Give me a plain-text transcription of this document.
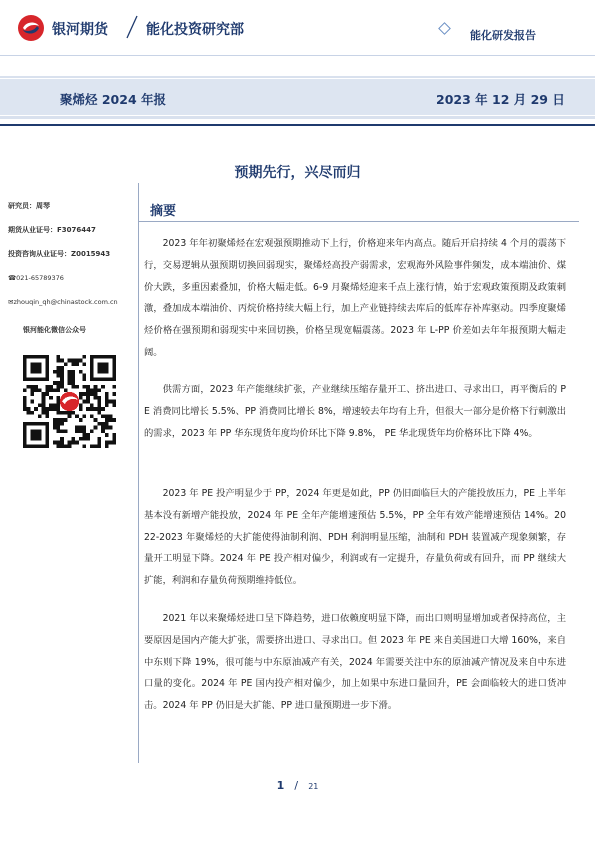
银河期货	能化投资研究部	能化研发报告
聚烯烃 2024 年报	2023 年 12 月 29 日
预期先行，兴尽而归
研究员：周琴
期货从业证号：F3076447
投资咨询从业证号：Z0015943
☎021-65789376
✉zhouqin_qh@chinastock.com.cn
银河能化微信公众号
摘要

2023 年年初聚烯烃在宏观强预期推动下上行，价格迎来年内高点。随后开启持续 4 个月的震荡下行，交易逻辑从强预期切换回弱现实，聚烯烃高投产弱需求，宏观海外风险事件频发，成本端油价、煤价大跌，多重因素叠加，价格大幅走低。6-9 月聚烯烃迎来千点上涨行情，始于宏观政策预期及政策刺激，叠加成本端油价、丙烷价格持续大幅上行，加上产业链持续去库后的低库存补库驱动。四季度聚烯烃价格在强预期和弱现实中来回切换，价格呈现宽幅震荡。2023 年 L-PP 价差如去年年报预期大幅走阔。

供需方面，2023 年产能继续扩张，产业继续压缩存量开工、挤出进口、寻求出口，再平衡后的 PE 消费同比增长 5.5%、PP 消费同比增长 8%，增速较去年均有上升，但很大一部分是价格下行刺激出的需求，2023 年 PP 华东现货年度均价环比下降 9.8%， PE 华北现货年均价格环比下降 4%。

2023 年 PE 投产明显少于 PP，2024 年更是如此，PP 仍旧面临巨大的产能投放压力，PE 上半年基本没有新增产能投放，2024 年 PE 全年产能增速预估 5.5%，PP 全年有效产能增速预估 14%。2022-2023 年聚烯烃的大扩能使得油制利润、PDH 利润明显压缩，油制和 PDH 装置减产现象频繁，存量开工明显下降。2024 年 PE 投产相对偏少，利润或有一定提升，存量负荷或有回升，而 PP 继续大扩能，利润和存量负荷预期维持低位。

2021 年以来聚烯烃进口呈下降趋势，进口依赖度明显下降，而出口则明显增加或者保持高位，主要原因是国内产能大扩张，需要挤出进口、寻求出口。但 2023 年 PE 来自美国进口大增 160%，来自中东则下降 19%，很可能与中东原油减产有关，2024 年需要关注中东的原油减产情况及来自中东进口量的变化。2024 年 PE 国内投产相对偏少，加上如果中东进口量回升，PE 会面临较大的进口货冲击。2024 年 PP 仍旧是大扩能、PP 进口量预期进一步下滑。

1 / 21
